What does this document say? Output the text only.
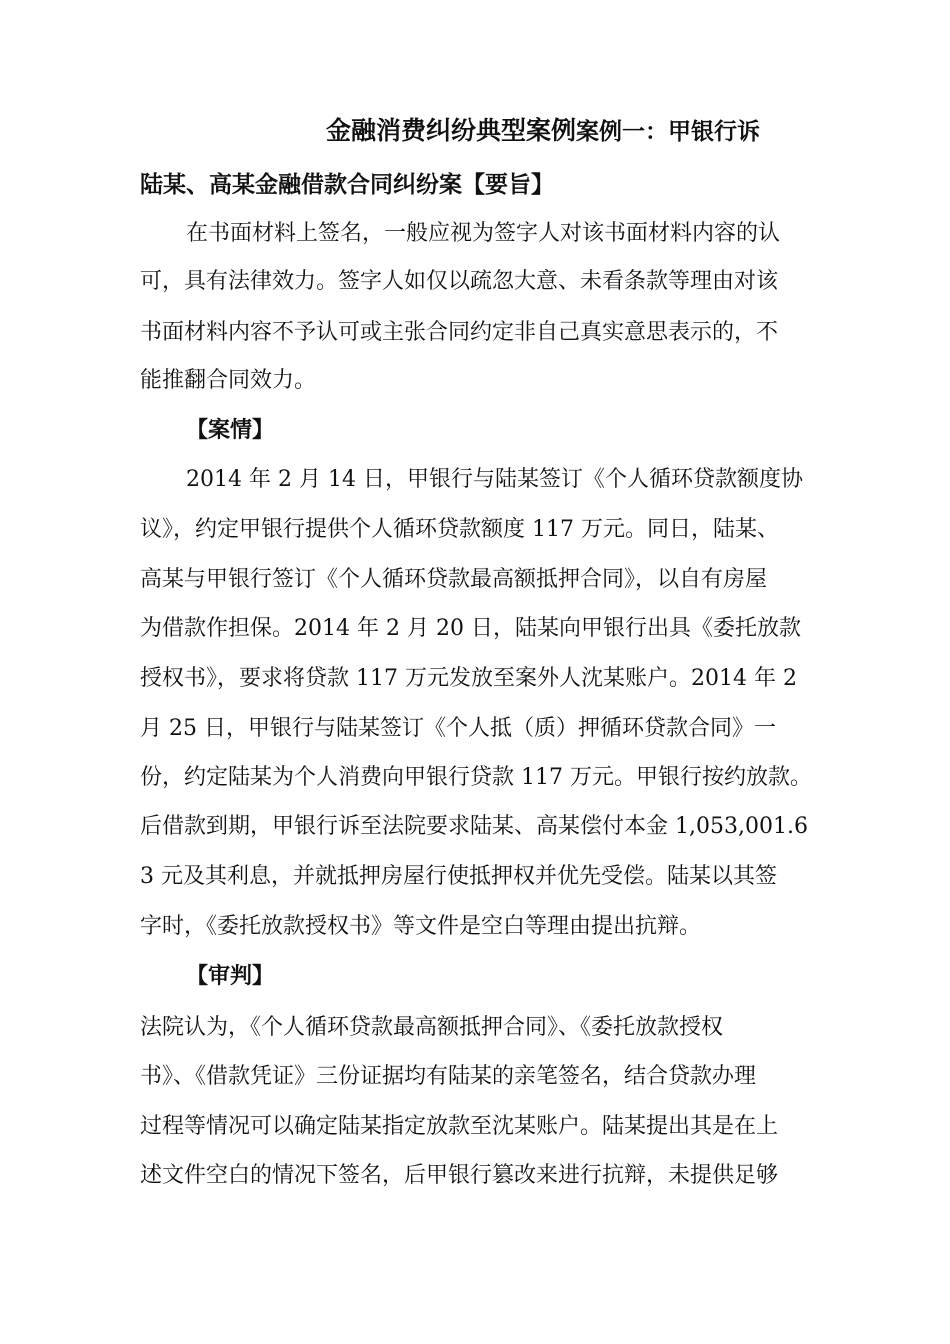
金融消费纠纷典型案例案例一：甲银行诉
陆某、高某金融借款合同纠纷案【要旨】
在书面材料上签名，一般应视为签字人对该书面材料内容的认
可，具有法律效力。签字人如仅以疏忽大意、未看条款等理由对该
书面材料内容不予认可或主张合同约定非自己真实意思表示的，不
能推翻合同效力。
【案情】
2014 年 2 月 14 日，甲银行与陆某签订《个人循环贷款额度协
议》，约定甲银行提供个人循环贷款额度 117 万元。同日，陆某、
高某与甲银行签订《个人循环贷款最高额抵押合同》，以自有房屋
为借款作担保。2014 年 2 月 20 日，陆某向甲银行出具《委托放款
授权书》，要求将贷款 117 万元发放至案外人沈某账户。2014 年 2
月 25 日，甲银行与陆某签订《个人抵（质）押循环贷款合同》一
份，约定陆某为个人消费向甲银行贷款 117 万元。甲银行按约放款。
后借款到期，甲银行诉至法院要求陆某、高某偿付本金 1,053,001.6
3 元及其利息，并就抵押房屋行使抵押权并优先受偿。陆某以其签
字时，《委托放款授权书》等文件是空白等理由提出抗辩。
【审判】
法院认为，《个人循环贷款最高额抵押合同》、《委托放款授权
书》、《借款凭证》三份证据均有陆某的亲笔签名，结合贷款办理
过程等情况可以确定陆某指定放款至沈某账户。陆某提出其是在上
述文件空白的情况下签名，后甲银行篡改来进行抗辩，未提供足够
